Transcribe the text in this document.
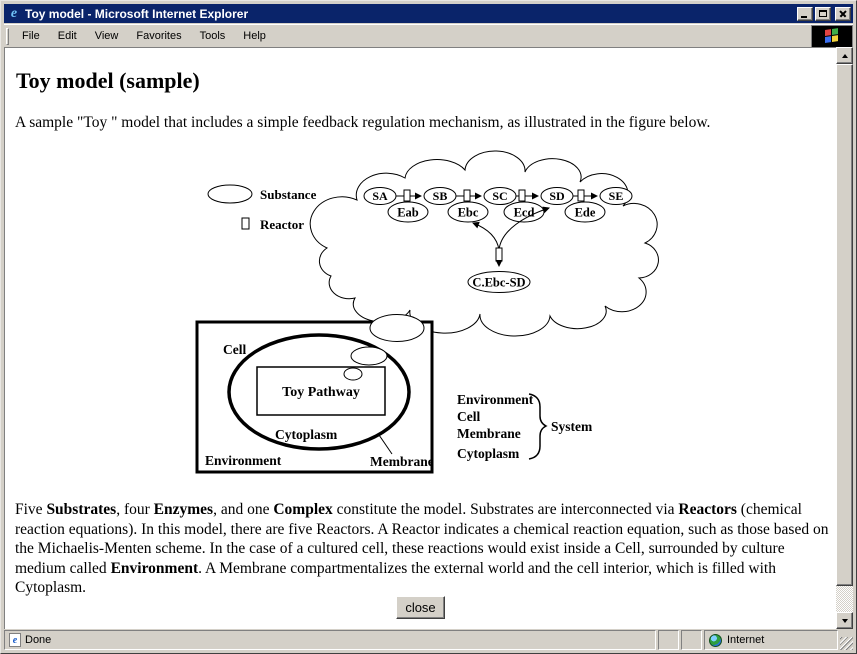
e Toy model - Microsoft Internet Explorer
File	Edit	View	Favorites	Tools	Help
Toy model (sample)
A sample "Toy " model that includes a simple feedback regulation mechanism, as illustrated in the figure below.
SA	SB	SC	SD	SE
Eab	Ebc	Ecd	Ede
C.Ebc-SD
Toy Pathway
Cell
Cytoplasm
Environment	Membrane
Substance
Reactor
Environment
Cell
Membrane
Cytoplasm
System
Five Substrates, four Enzymes, and one Complex constitute the model. Substrates are interconnected via Reactors (chemical reaction equations). In this model, there are five Reactors. A Reactor indicates a chemical reaction equation, such as those based on the Michaelis-Menten scheme. In the case of a cultured cell, these reactions would exist inside a Cell, surrounded by culture medium called Environment. A Membrane compartmentalizes the external world and the cell interior, which is filled with Cytoplasm.
close
e Done	Internet
